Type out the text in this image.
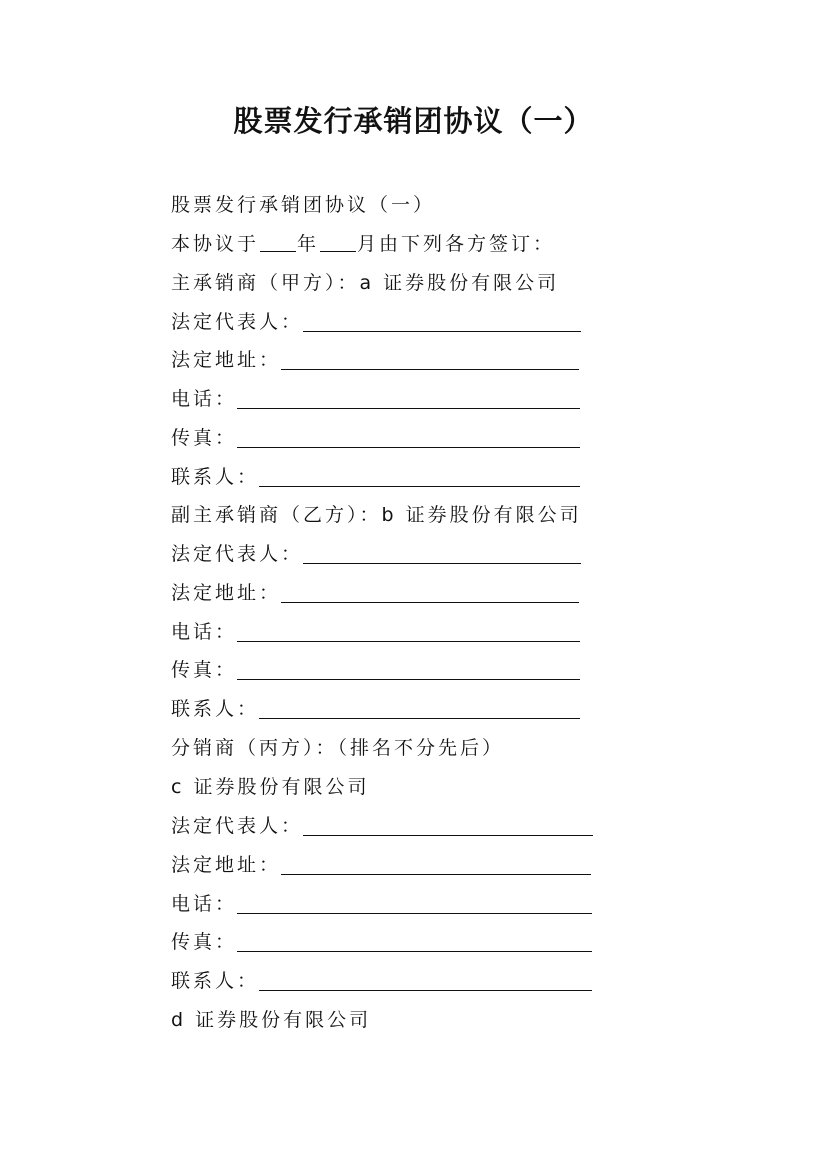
股票发行承销团协议（一）
股票发行承销团协议（一）
本协议于 年 月由下列各方签订：
主承销商（甲方）：a 证券股份有限公司
法定代表人：
法定地址：
电话：
传真：
联系人：
副主承销商（乙方）：b 证券股份有限公司
法定代表人：
法定地址：
电话：
传真：
联系人：
分销商（丙方）：（排名不分先后）
c 证券股份有限公司
法定代表人：
法定地址：
电话：
传真：
联系人：
d 证券股份有限公司
